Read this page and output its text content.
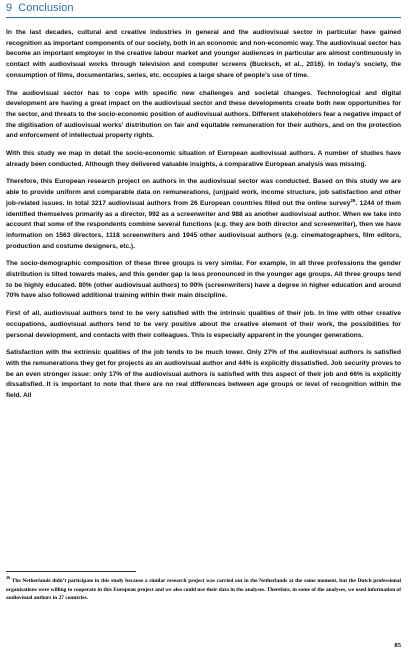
9 Conclusion

In the last decades, cultural and creative industries in general and the audiovisual sector in particular have gained recognition as important components of our society, both in an economic and non-economic way. The audiovisual sector has become an important employer in the creative labour market and younger audiences in particular are almost continuously in contact with audiovisual works through television and computer screens (Bucksch, et al., 2016). In today’s society, the consumption of films, documentaries, series, etc. occupies a large share of people’s use of time.

The audiovisual sector has to cope with specific new challenges and societal changes. Technological and digital development are having a great impact on the audiovisual sector and these developments create both new opportunities for the sector, and threats to the socio-economic position of audiovisual authors. Different stakeholders fear a negative impact of the digitisation of audiovisual works’ distribution on fair and equitable remuneration for their authors, and on the protection and enforcement of intellectual property rights.

With this study we map in detail the socio-economic situation of European audiovisual authors. A number of studies have already been conducted. Although they delivered valuable insights, a comparative European analysis was missing.

Therefore, this European research project on authors in the audiovisual sector was conducted. Based on this study we are able to provide uniform and comparable data on remunerations, (un)paid work, income structure, job satisfaction and other job-related issues. In total 3217 audiovisual authors from 26 European countries filled out the online survey$^{26}$. 1244 of them identified themselves primarily as a director, 992 as a screenwriter and 988 as another audiovisual author. When we take into account that some of the respondents combine several functions (e.g. they are both director and screenwriter), then we have information on 1563 directors, 1118 screenwriters and 1945 other audiovisual authors (e.g. cinematographers, film editors, production and costume designers, etc.).

The socio-demographic composition of these three groups is very similar. For example, in all three professions the gender distribution is tilted towards males, and this gender gap is less pronounced in the younger age groups. All three groups tend to be highly educated. 80% (other audiovisual authors) to 90% (screenwriters) have a degree in higher education and around 70% have also followed additional training within their main discipline.

First of all, audiovisual authors tend to be very satisfied with the intrinsic qualities of their job. In line with other creative occupations, audiovisual authors tend to be very positive about the creative element of their work, the possibilities for personal development, and contacts with their colleagues. This is especially apparent in the younger generations.

Satisfaction with the extrinsic qualities of the job tends to be much lower. Only 27% of the audiovisual authors is satisfied with the remunerations they get for projects as an audiovisual author and 44% is explicitly dissatisfied. Job security proves to be an even stronger issue: only 17% of the audiovisual authors is satisfied with this aspect of their job and 66% is explicitly dissatisfied. It is important to note that there are no real differences between age groups or level of recognition within the field. All

$^{26}$ The Netherlands didn’t participate in this study because a similar research project was carried out in the Netherlands at the same moment, but the Dutch professional organisations were willing to cooperate in this European project and we also could use their data in the analyses. Therefore, in some of the analyses, we used information of audiovisual authors in 27 countries.

85
